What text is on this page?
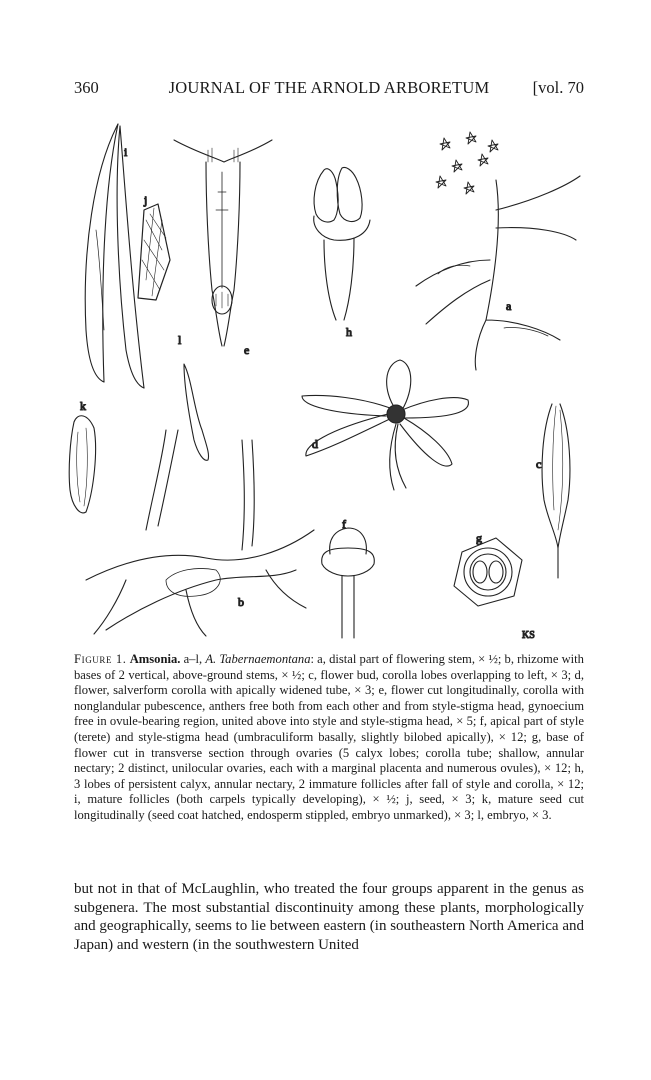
360	JOURNAL OF THE ARNOLD ARBORETUM	[vol. 70
i
j
e
h
a
l
k
d
c
b
f
g
KS
Figure 1. Amsonia. a–l, A. Tabernaemontana: a, distal part of flowering stem, × ½; b, rhizome with bases of 2 vertical, above-ground stems, × ½; c, flower bud, corolla lobes overlapping to left, × 3; d, flower, salverform corolla with apically widened tube, × 3; e, flower cut longitudinally, corolla with nonglandular pubescence, anthers free both from each other and from style-stigma head, gynoecium free in ovule-bearing region, united above into style and style-stigma head, × 5; f, apical part of style (terete) and style-stigma head (umbraculiform basally, slightly bilobed apically), × 12; g, base of flower cut in transverse section through ovaries (5 calyx lobes; corolla tube; shallow, annular nectary; 2 distinct, unilocular ovaries, each with a marginal placenta and numerous ovules), × 12; h, 3 lobes of persistent calyx, annular nectary, 2 immature follicles after fall of style and corolla, × 12; i, mature follicles (both carpels typically developing), × ½; j, seed, × 3; k, mature seed cut longitudinally (seed coat hatched, endosperm stippled, embryo unmarked), × 3; l, embryo, × 3.
but not in that of McLaughlin, who treated the four groups apparent in the genus as subgenera. The most substantial discontinuity among these plants, morphologically and geographically, seems to lie between eastern (in southeastern North America and Japan) and western (in the southwestern United
